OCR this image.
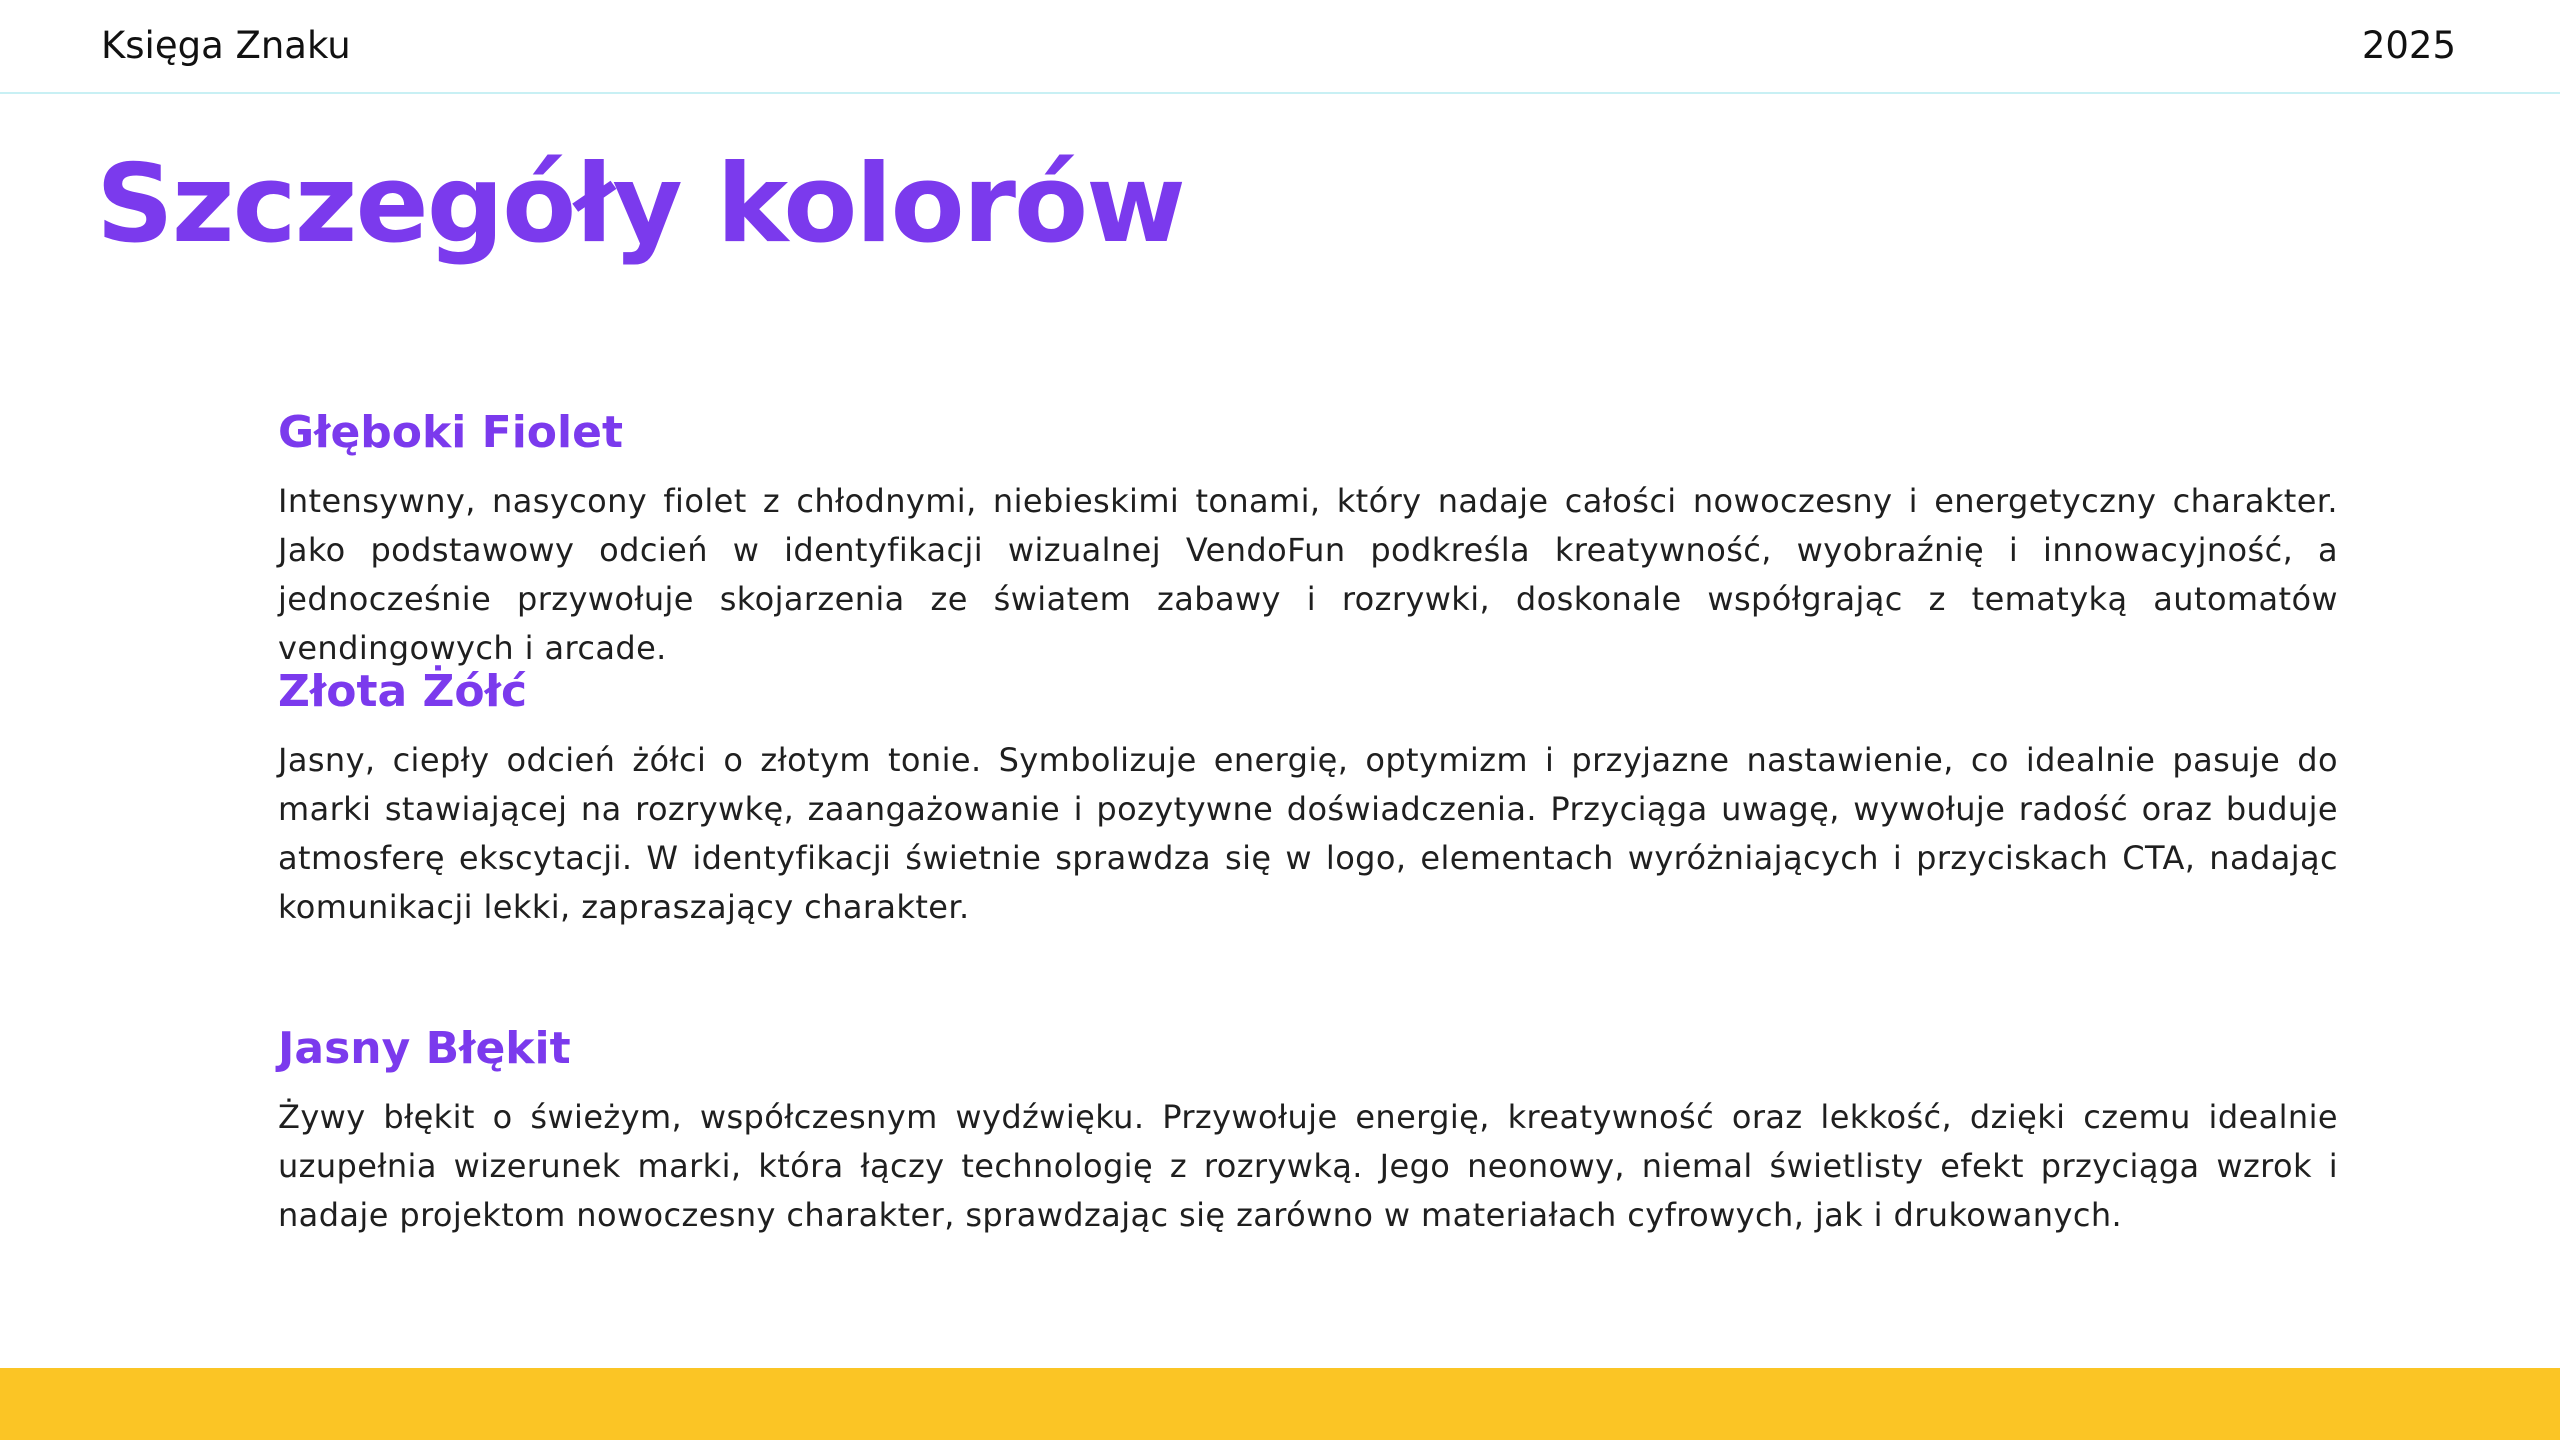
Księga Znaku	2025
Szczegóły kolorów
Głęboki Fiolet

Intensywny, nasycony fiolet z chłodnymi, niebieskimi tonami, który nadaje całości nowoczesny i energetyczny charakter. Jako podstawowy odcień w identyfikacji wizualnej VendoFun podkreśla kreatywność, wyobraźnię i innowacyjność, a jednocześnie przywołuje skojarzenia ze światem zabawy i rozrywki, doskonale współgrając z tematyką automatów vendingowych i arcade.

Złota Żółć

Jasny, ciepły odcień żółci o złotym tonie. Symbolizuje energię, optymizm i przyjazne nastawienie, co idealnie pasuje do marki stawiającej na rozrywkę, zaangażowanie i pozytywne doświadczenia. Przyciąga uwagę, wywołuje radość oraz buduje atmosferę ekscytacji. W identyfikacji świetnie sprawdza się w logo, elementach wyróżniających i przyciskach CTA, nadając komunikacji lekki, zapraszający charakter.

Jasny Błękit

Żywy błękit o świeżym, współczesnym wydźwięku. Przywołuje energię, kreatywność oraz lekkość, dzięki czemu idealnie uzupełnia wizerunek marki, która łączy technologię z rozrywką. Jego neonowy, niemal świetlisty efekt przyciąga wzrok i nadaje projektom nowoczesny charakter, sprawdzając się zarówno w materiałach cyfrowych, jak i drukowanych.
